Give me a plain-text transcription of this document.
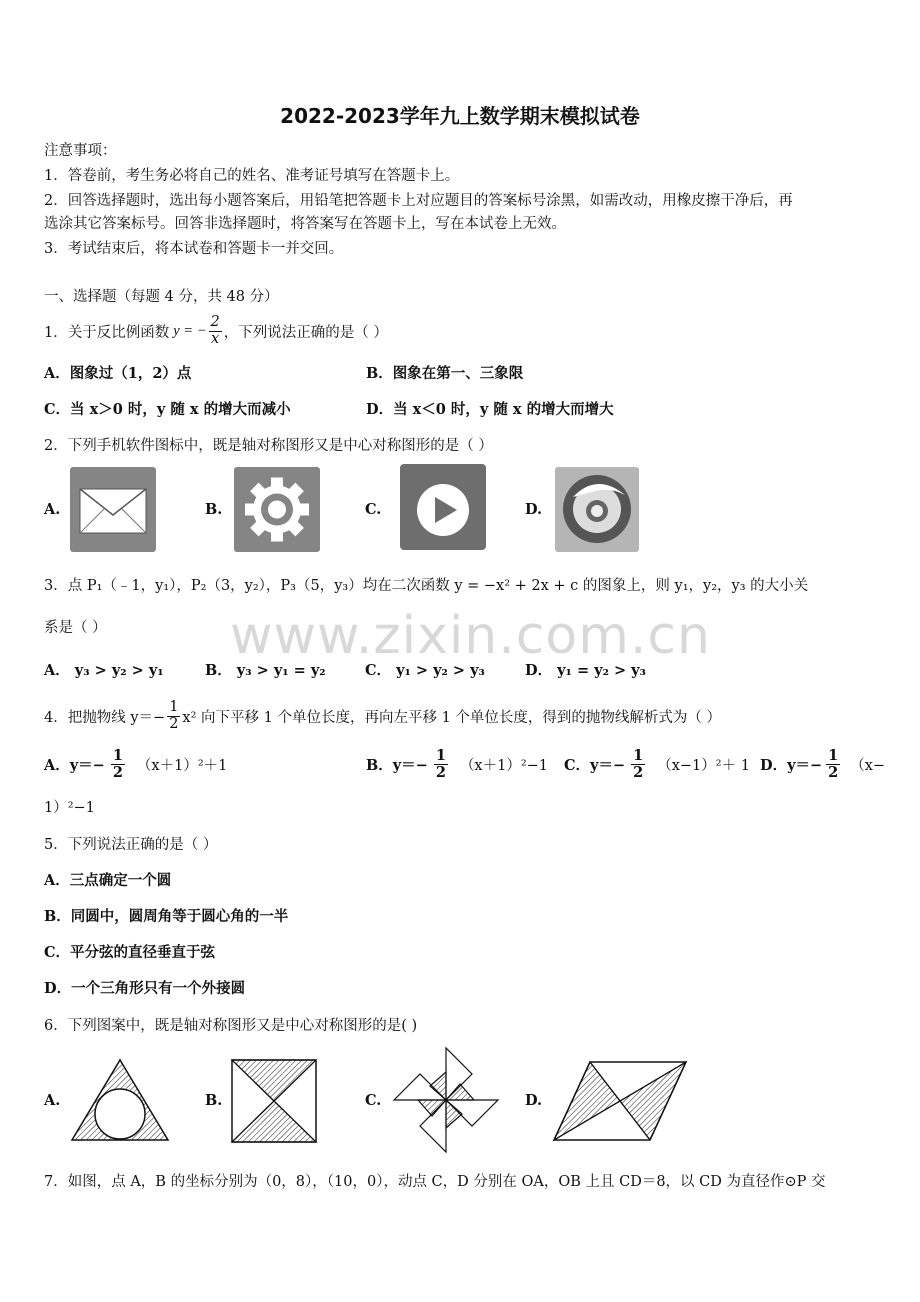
2022-2023学年九上数学期末模拟试卷
注意事项：
1．答卷前，考生务必将自己的姓名、准考证号填写在答题卡上。
2．回答选择题时，选出每小题答案后，用铅笔把答题卡上对应题目的答案标号涂黑，如需改动，用橡皮擦干净后，再
选涂其它答案标号。回答非选择题时，将答案写在答题卡上，写在本试卷上无效。
3．考试结束后，将本试卷和答题卡一并交回。
一、选择题（每题 4 分，共 48 分）
1．关于反比例函数 y = − $\frac{2}{x}$ ，下列说法正确的是（ ）
A．图象过（1，2）点	B．图象在第一、三象限
C．当 x＞0 时，y 随 x 的增大而减小	D．当 x＜0 时，y 随 x 的增大而增大
2．下列手机软件图标中，既是轴对称图形又是中心对称图形的是（ ）
A.	B.	C.	D.
3．点 P₁（﹣1，y₁），P₂（3，y₂），P₃（5，y₃）均在二次函数 y = −x² + 2x + c 的图象上，则 y₁，y₂，y₃ 的大小关
系是（ ）
A． y₃ > y₂ > y₁	B． y₃ > y₁ = y₂	C． y₁ > y₂ > y₃	D． y₁ = y₂ > y₃
www.zixin.com.cn
4．把抛物线 $y=- \frac{1}{2} x^2$ 向下平移 1 个单位长度，再向左平移 1 个单位长度，得到的抛物线解析式为（ ）
A．$y=- \frac{1}{2} (x+1)^2+1$	B．$y=- \frac{1}{2} (x+1)^2-1$ C．$y=- \frac{1}{2} (x-1)^2+ 1$ D．$y=- \frac{1}{2} (x-$
1）²−1
5．下列说法正确的是（ ）
A．三点确定一个圆
B．同圆中，圆周角等于圆心角的一半
C．平分弦的直径垂直于弦
D．一个三角形只有一个外接圆
6．下列图案中，既是轴对称图形又是中心对称图形的是( )
A.	B.	C.	D.
7．如图，点 A，B 的坐标分别为（0，8），（10，0），动点 C，D 分别在 OA，OB 上且 CD＝8，以 CD 为直径作⊙P 交
